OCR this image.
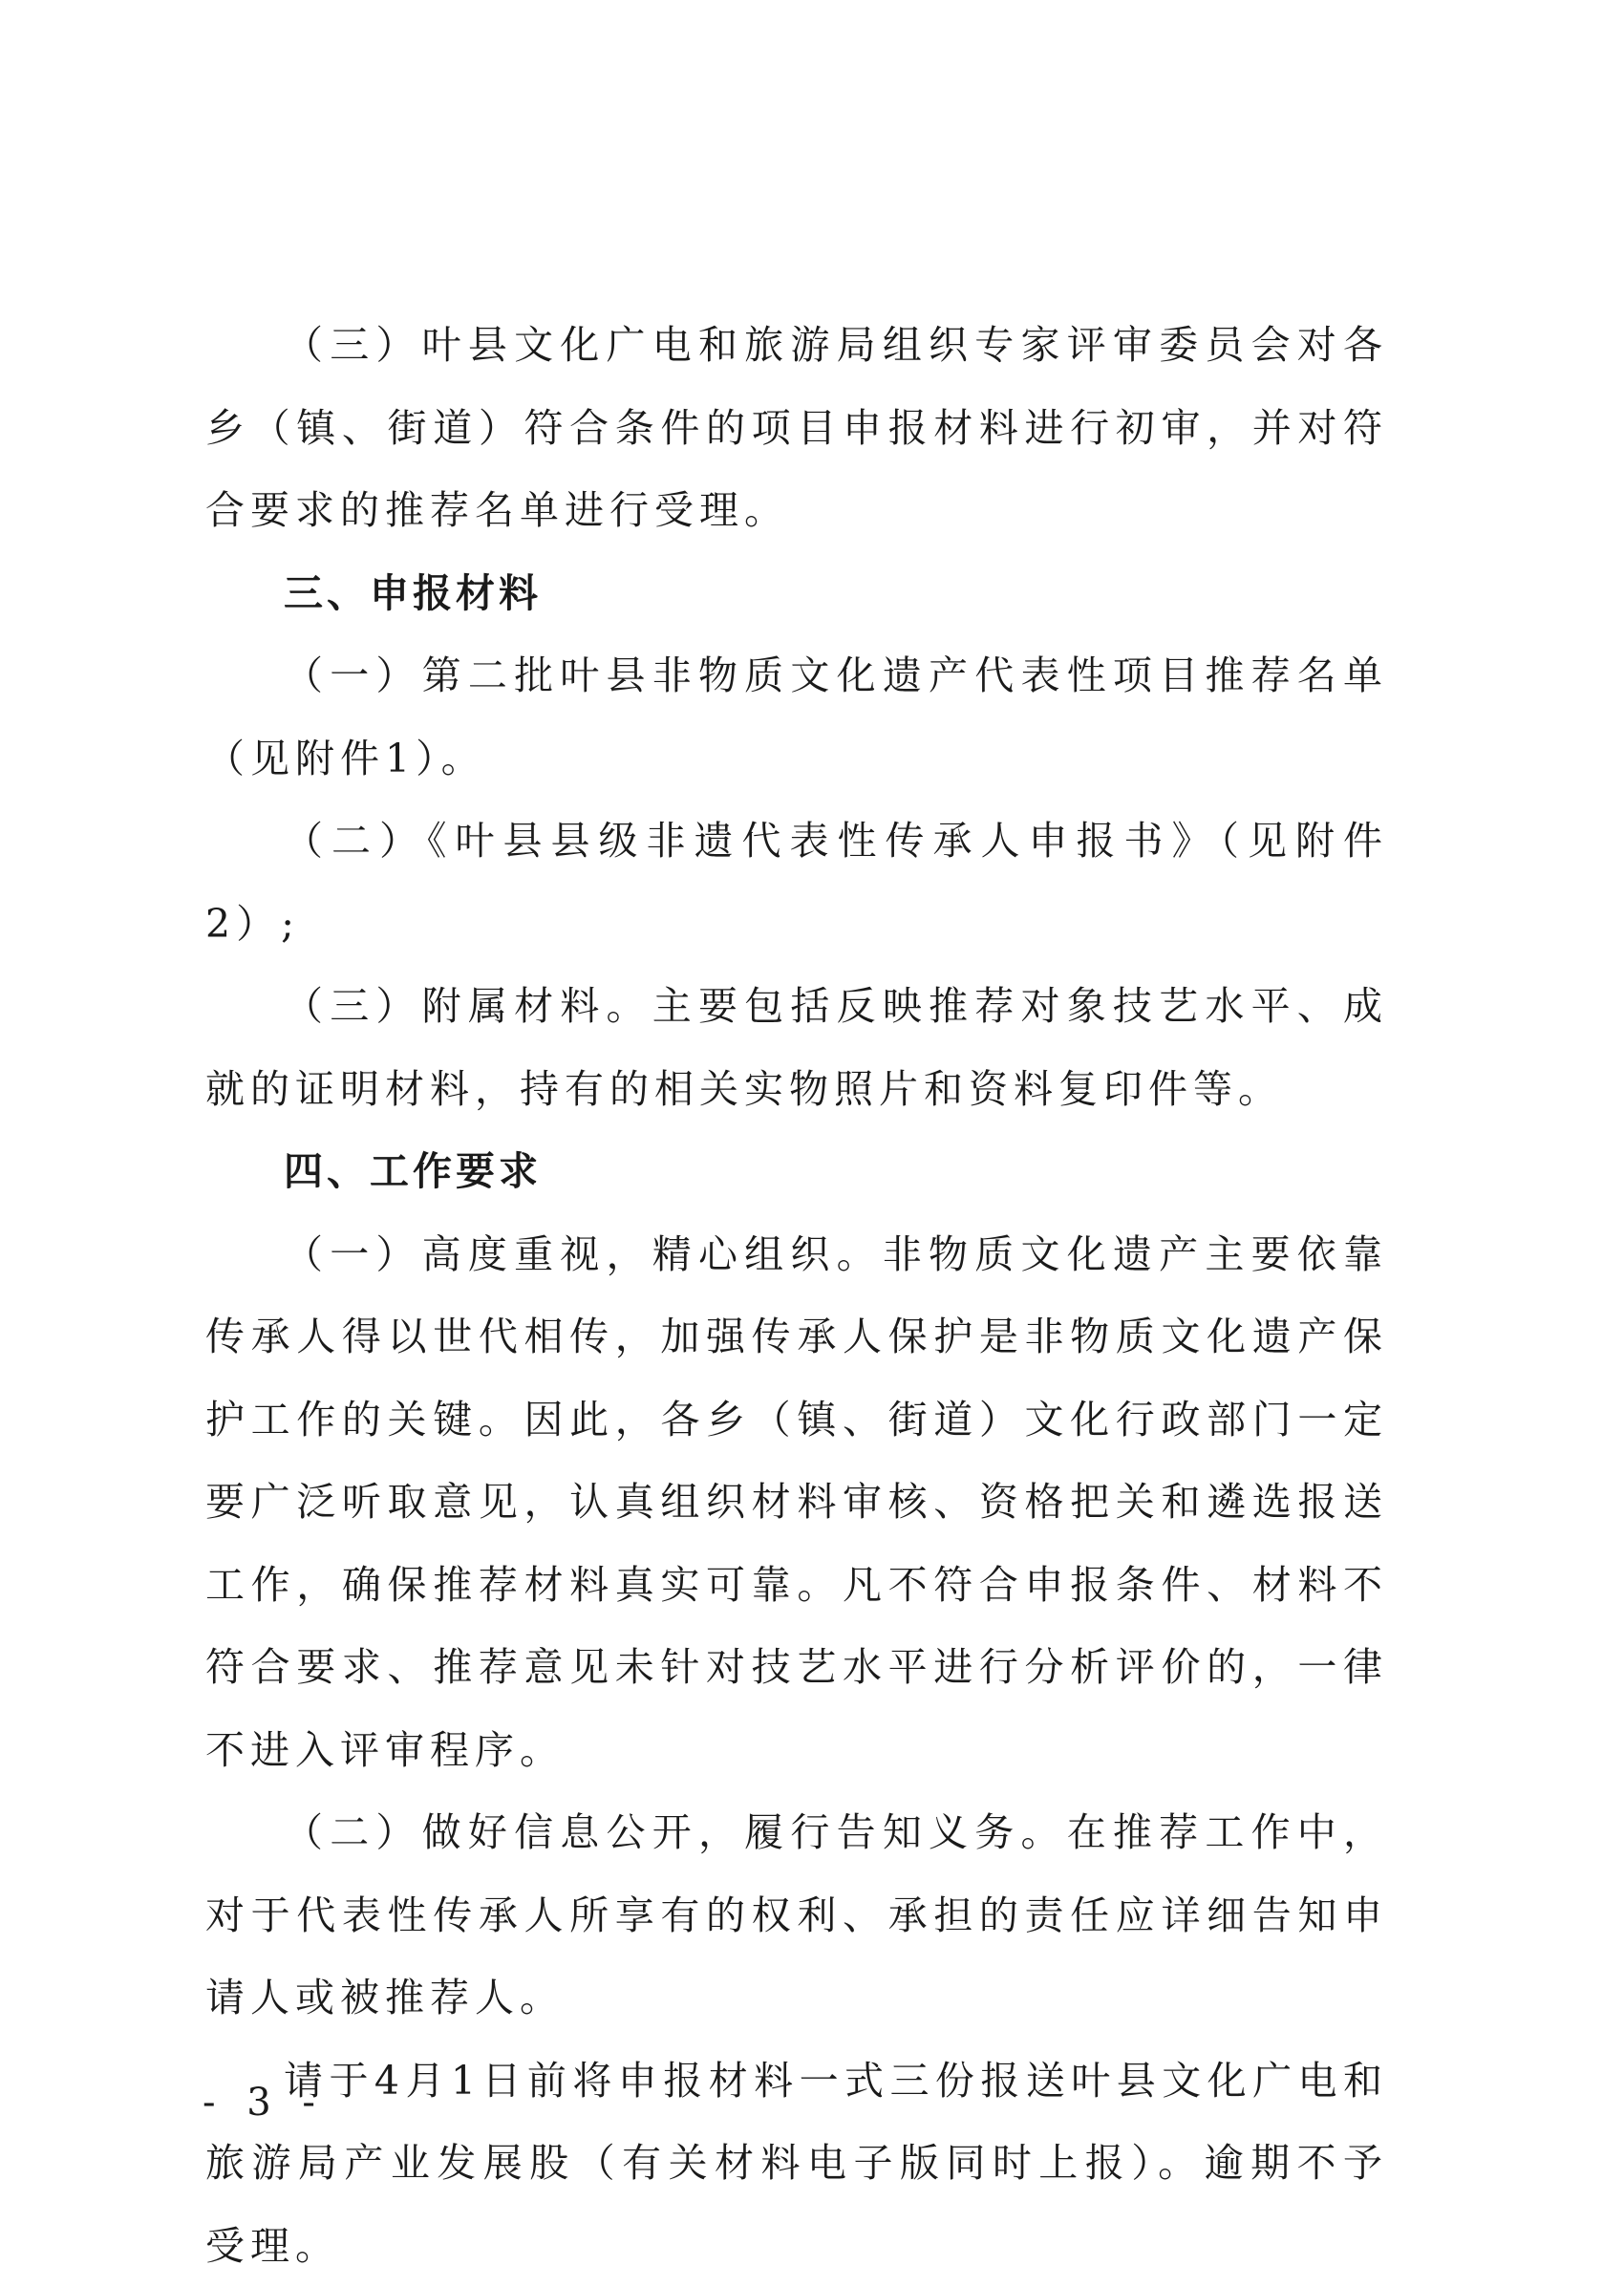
（三）叶县文化广电和旅游局组织专家评审委员会对各乡（镇、街道）符合条件的项目申报材料进行初审，并对符合要求的推荐名单进行受理。

三、申报材料

（一）第二批叶县非物质文化遗产代表性项目推荐名单（见附件1）。

（二）《叶县县级非遗代表性传承人申报书》（见附件2）;

（三）附属材料。主要包括反映推荐对象技艺水平、成就的证明材料，持有的相关实物照片和资料复印件等。

四、工作要求

（一）高度重视，精心组织。非物质文化遗产主要依靠传承人得以世代相传，加强传承人保护是非物质文化遗产保护工作的关键。因此，各乡（镇、街道）文化行政部门一定要广泛听取意见，认真组织材料审核、资格把关和遴选报送工作，确保推荐材料真实可靠。凡不符合申报条件、材料不符合要求、推荐意见未针对技艺水平进行分析评价的，一律不进入评审程序。

（二）做好信息公开，履行告知义务。在推荐工作中，对于代表性传承人所享有的权利、承担的责任应详细告知申请人或被推荐人。

请于4月1日前将申报材料一式三份报送叶县文化广电和旅游局产业发展股（有关材料电子版同时上报）。逾期不予受理。

- 3 -
